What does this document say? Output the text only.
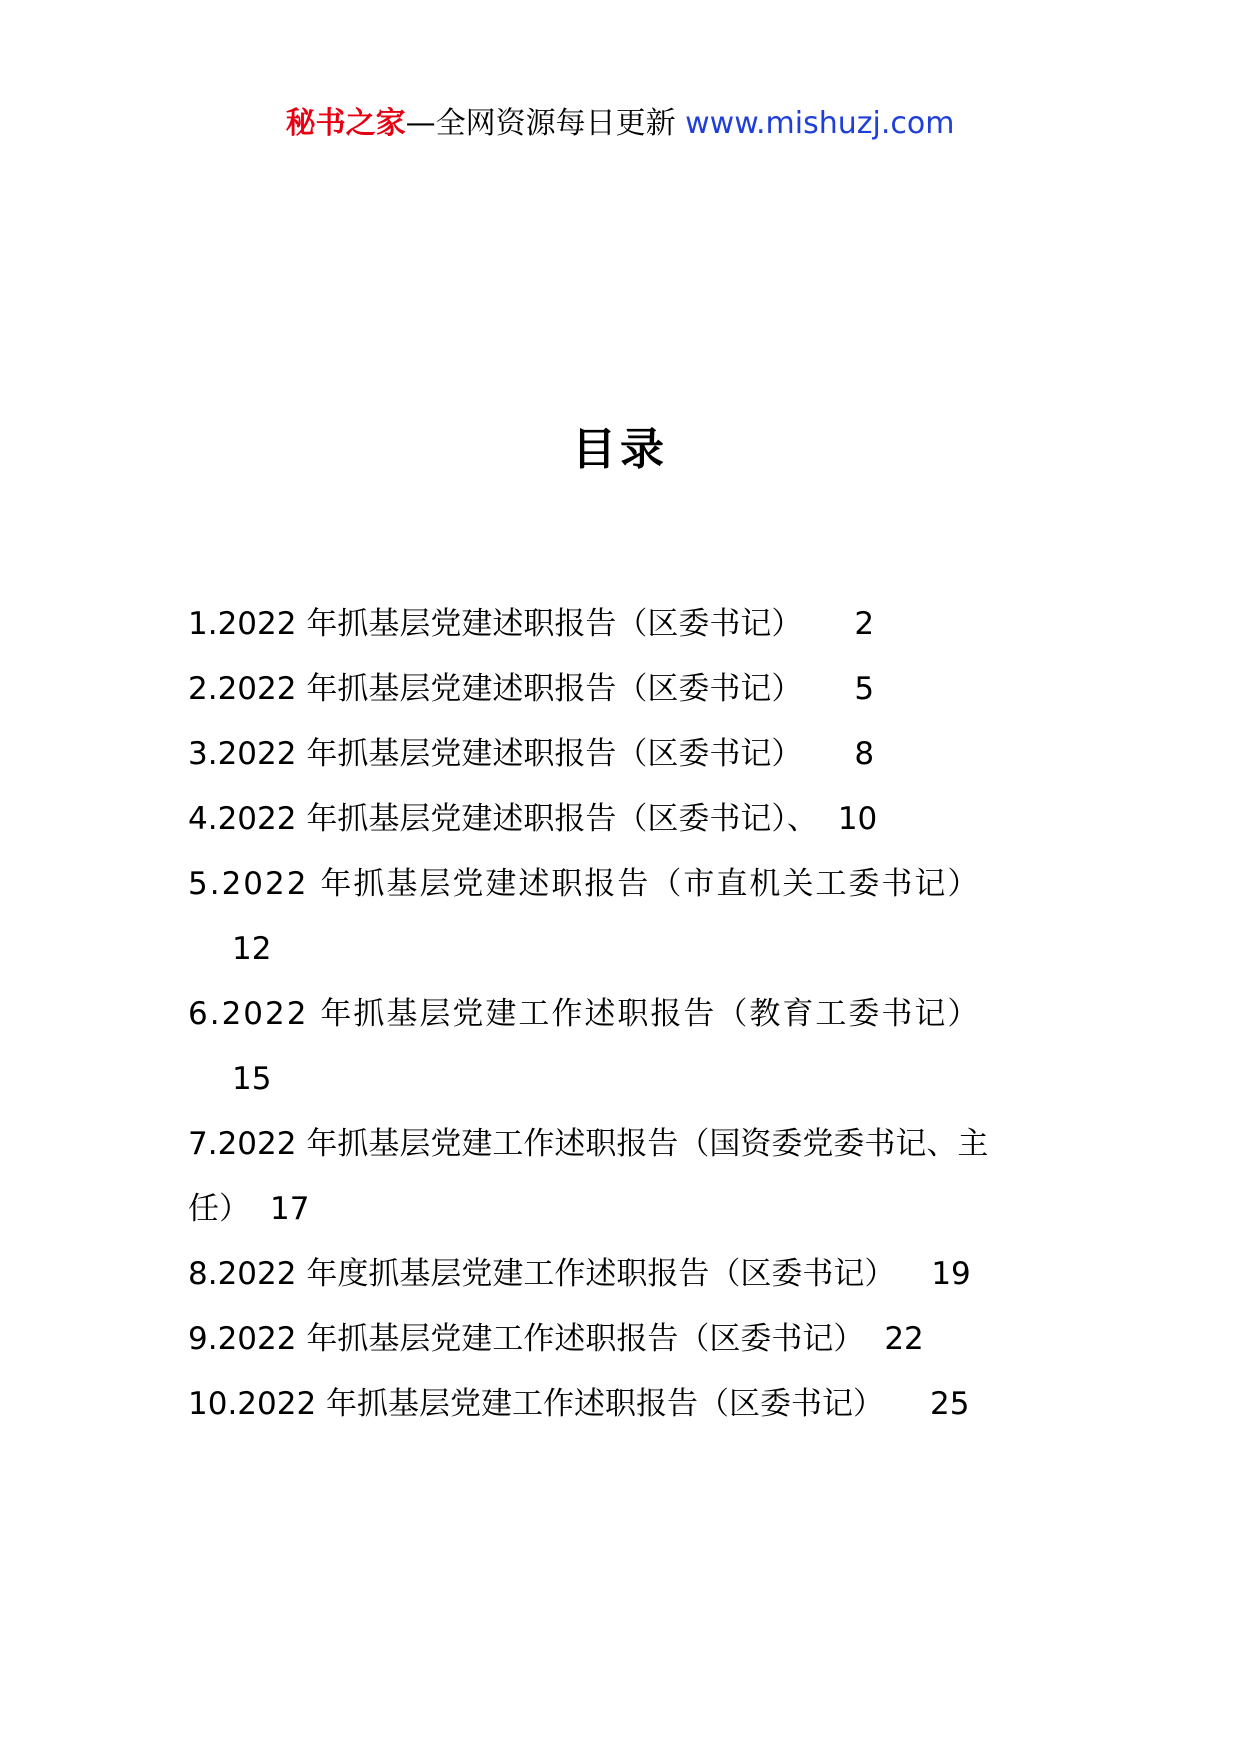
秘书之家—全网资源每日更新 www.mishuzj.com
目录
1.2022 年抓基层党建述职报告（区委书记） 2
2.2022 年抓基层党建述职报告（区委书记） 5
3.2022 年抓基层党建述职报告（区委书记） 8
4.2022 年抓基层党建述职报告（区委书记）、 10
5.2022 年抓基层党建述职报告（市直机关工委书记）
12
6.2022 年抓基层党建工作述职报告（教育工委书记）
15
7.2022 年抓基层党建工作述职报告（国资委党委书记、主
任） 17
8.2022 年度抓基层党建工作述职报告（区委书记） 19
9.2022 年抓基层党建工作述职报告（区委书记） 22
10.2022 年抓基层党建工作述职报告（区委书记） 25
